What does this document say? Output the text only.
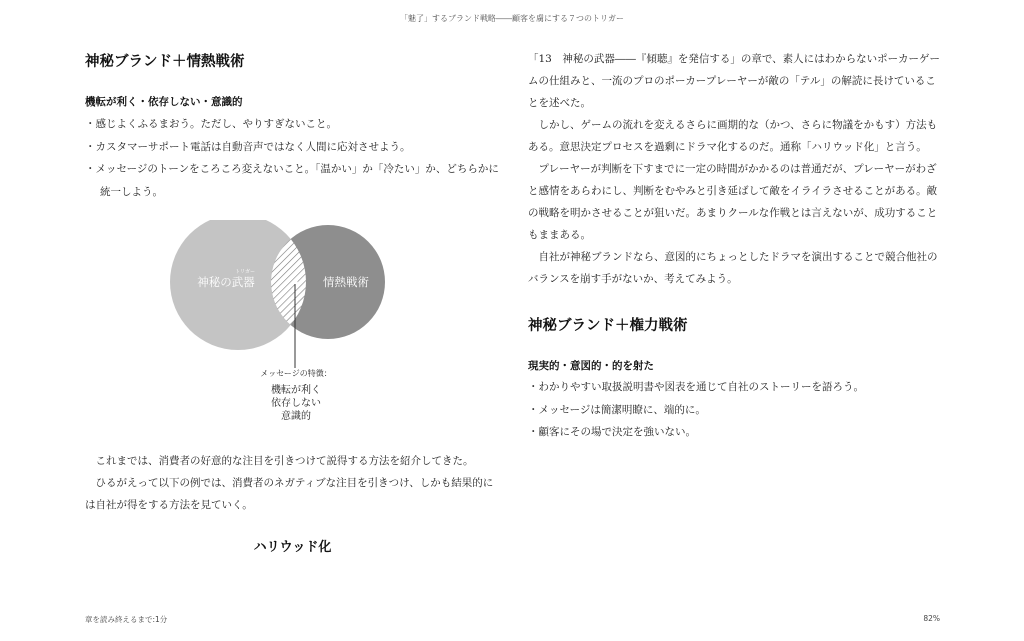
「魅了」するブランド戦略――顧客を虜にする７つのトリガー
神秘ブランド＋情熱戦術
機転が利く・依存しない・意識的

・感じよくふるまおう。ただし、やりすぎないこと。

・カスタマーサポート電話は自動音声ではなく人間に応対させよう。

・メッセージのトーンをころころ変えないこと。「温かい」か「冷たい」か、どちらかに統一しよう。

トリガー
神秘の武器	情熱戦術
メッセージの特徴：
機転が利く
依存しない
意識的

これまでは、消費者の好意的な注目を引きつけて説得する方法を紹介してきた。

ひるがえって以下の例では、消費者のネガティブな注目を引きつけ、しかも結果的には自社が得をする方法を見ていく。

ハリウッド化

「13　神秘の武器――『傾聴』を発信する」の章で、素人にはわからないポーカーゲームの仕組みと、一流のプロのポーカープレーヤーが敵の「テル」の解読に長けていることを述べた。

しかし、ゲームの流れを変えるさらに画期的な（かつ、さらに物議をかもす）方法もある。意思決定プロセスを過剰にドラマ化するのだ。通称「ハリウッド化」と言う。

プレーヤーが判断を下すまでに一定の時間がかかるのは普通だが、プレーヤーがわざと感情をあらわにし、判断をむやみと引き延ばして敵をイライラさせることがある。敵の戦略を明かさせることが狙いだ。あまりクールな作戦とは言えないが、成功することもままある。

自社が神秘ブランドなら、意図的にちょっとしたドラマを演出することで競合他社のバランスを崩す手がないか、考えてみよう。

神秘ブランド＋権力戦術
現実的・意図的・的を射た

・わかりやすい取扱説明書や図表を通じて自社のストーリーを語ろう。

・メッセージは簡潔明瞭に、端的に。

・顧客にその場で決定を強いない。

章を読み終えるまで:1分	82%
